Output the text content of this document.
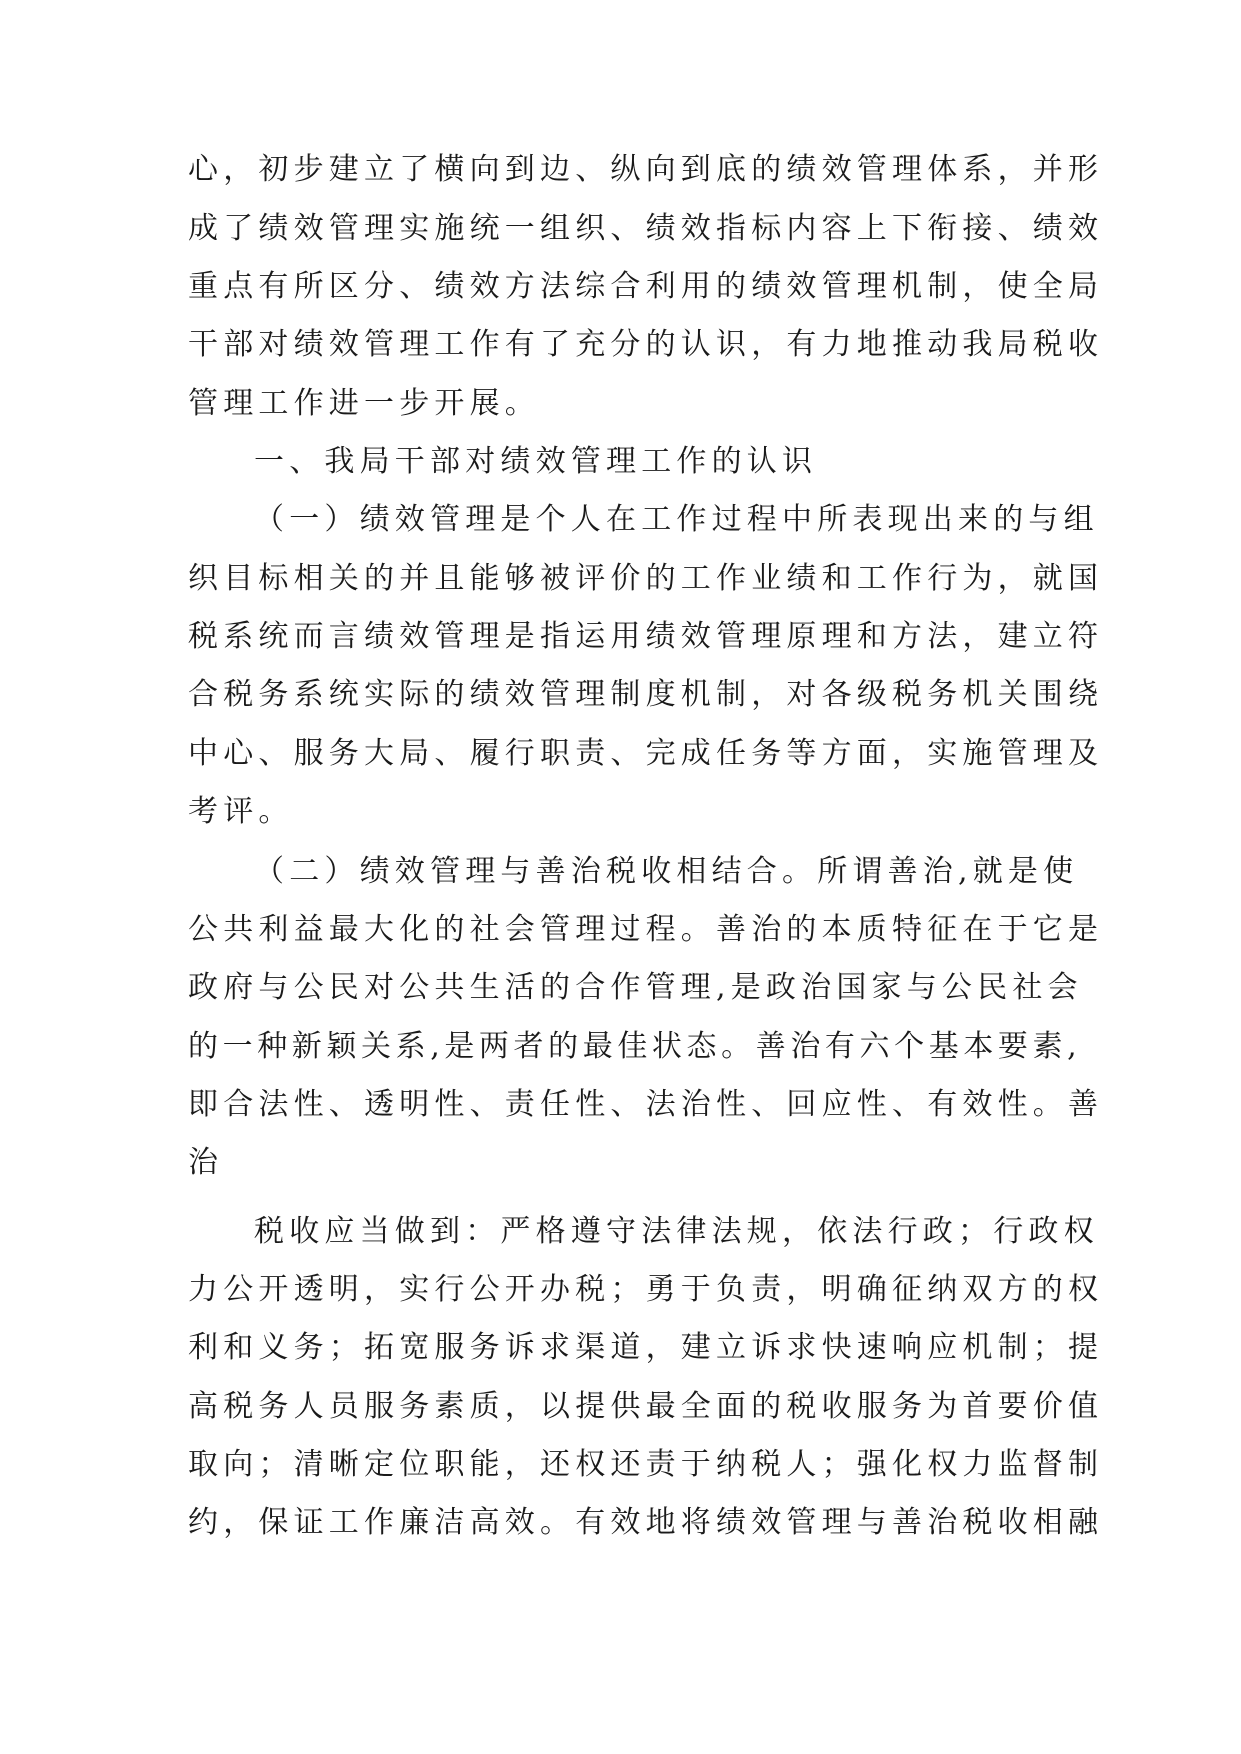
心，初步建立了横向到边、纵向到底的绩效管理体系，并形
成了绩效管理实施统一组织、绩效指标内容上下衔接、绩效
重点有所区分、绩效方法综合利用的绩效管理机制，使全局
干部对绩效管理工作有了充分的认识，有力地推动我局税收
管理工作进一步开展。
一、我局干部对绩效管理工作的认识
（一）绩效管理是个人在工作过程中所表现出来的与组
织目标相关的并且能够被评价的工作业绩和工作行为，就国
税系统而言绩效管理是指运用绩效管理原理和方法，建立符
合税务系统实际的绩效管理制度机制，对各级税务机关围绕
中心、服务大局、履行职责、完成任务等方面，实施管理及
考评。
（二）绩效管理与善治税收相结合。所谓善治,就是使
公共利益最大化的社会管理过程。善治的本质特征在于它是
政府与公民对公共生活的合作管理,是政治国家与公民社会
的一种新颖关系,是两者的最佳状态。善治有六个基本要素,
即合法性、透明性、责任性、法治性、回应性、有效性。善
治
税收应当做到：严格遵守法律法规，依法行政；行政权
力公开透明，实行公开办税；勇于负责，明确征纳双方的权
利和义务；拓宽服务诉求渠道，建立诉求快速响应机制；提
高税务人员服务素质，以提供最全面的税收服务为首要价值
取向；清晰定位职能，还权还责于纳税人；强化权力监督制
约，保证工作廉洁高效。有效地将绩效管理与善治税收相融
